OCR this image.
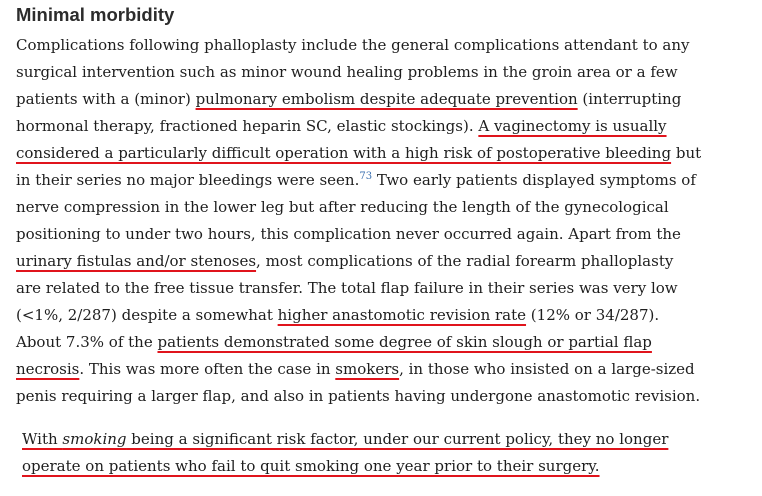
Minimal morbidity
Complications following phalloplasty include the general complications attendant to any
surgical intervention such as minor wound healing problems in the groin area or a few
patients with a (minor) pulmonary embolism despite adequate prevention (interrupting
hormonal therapy, fractioned heparin SC, elastic stockings). A vaginectomy is usually
considered a particularly difficult operation with a high risk of postoperative bleeding but
in their series no major bleedings were seen.$^{73}$ Two early patients displayed symptoms of
nerve compression in the lower leg but after reducing the length of the gynecological
positioning to under two hours, this complication never occurred again. Apart from the
urinary fistulas and/or stenoses, most complications of the radial forearm phalloplasty
are related to the free tissue transfer. The total flap failure in their series was very low
(<1%, 2/287) despite a somewhat higher anastomotic revision rate (12% or 34/287).
About 7.3% of the patients demonstrated some degree of skin slough or partial flap
necrosis. This was more often the case in smokers, in those who insisted on a large-sized
penis requiring a larger flap, and also in patients having undergone anastomotic revision.
With smoking being a significant risk factor, under our current policy, they no longer
operate on patients who fail to quit smoking one year prior to their surgery.
